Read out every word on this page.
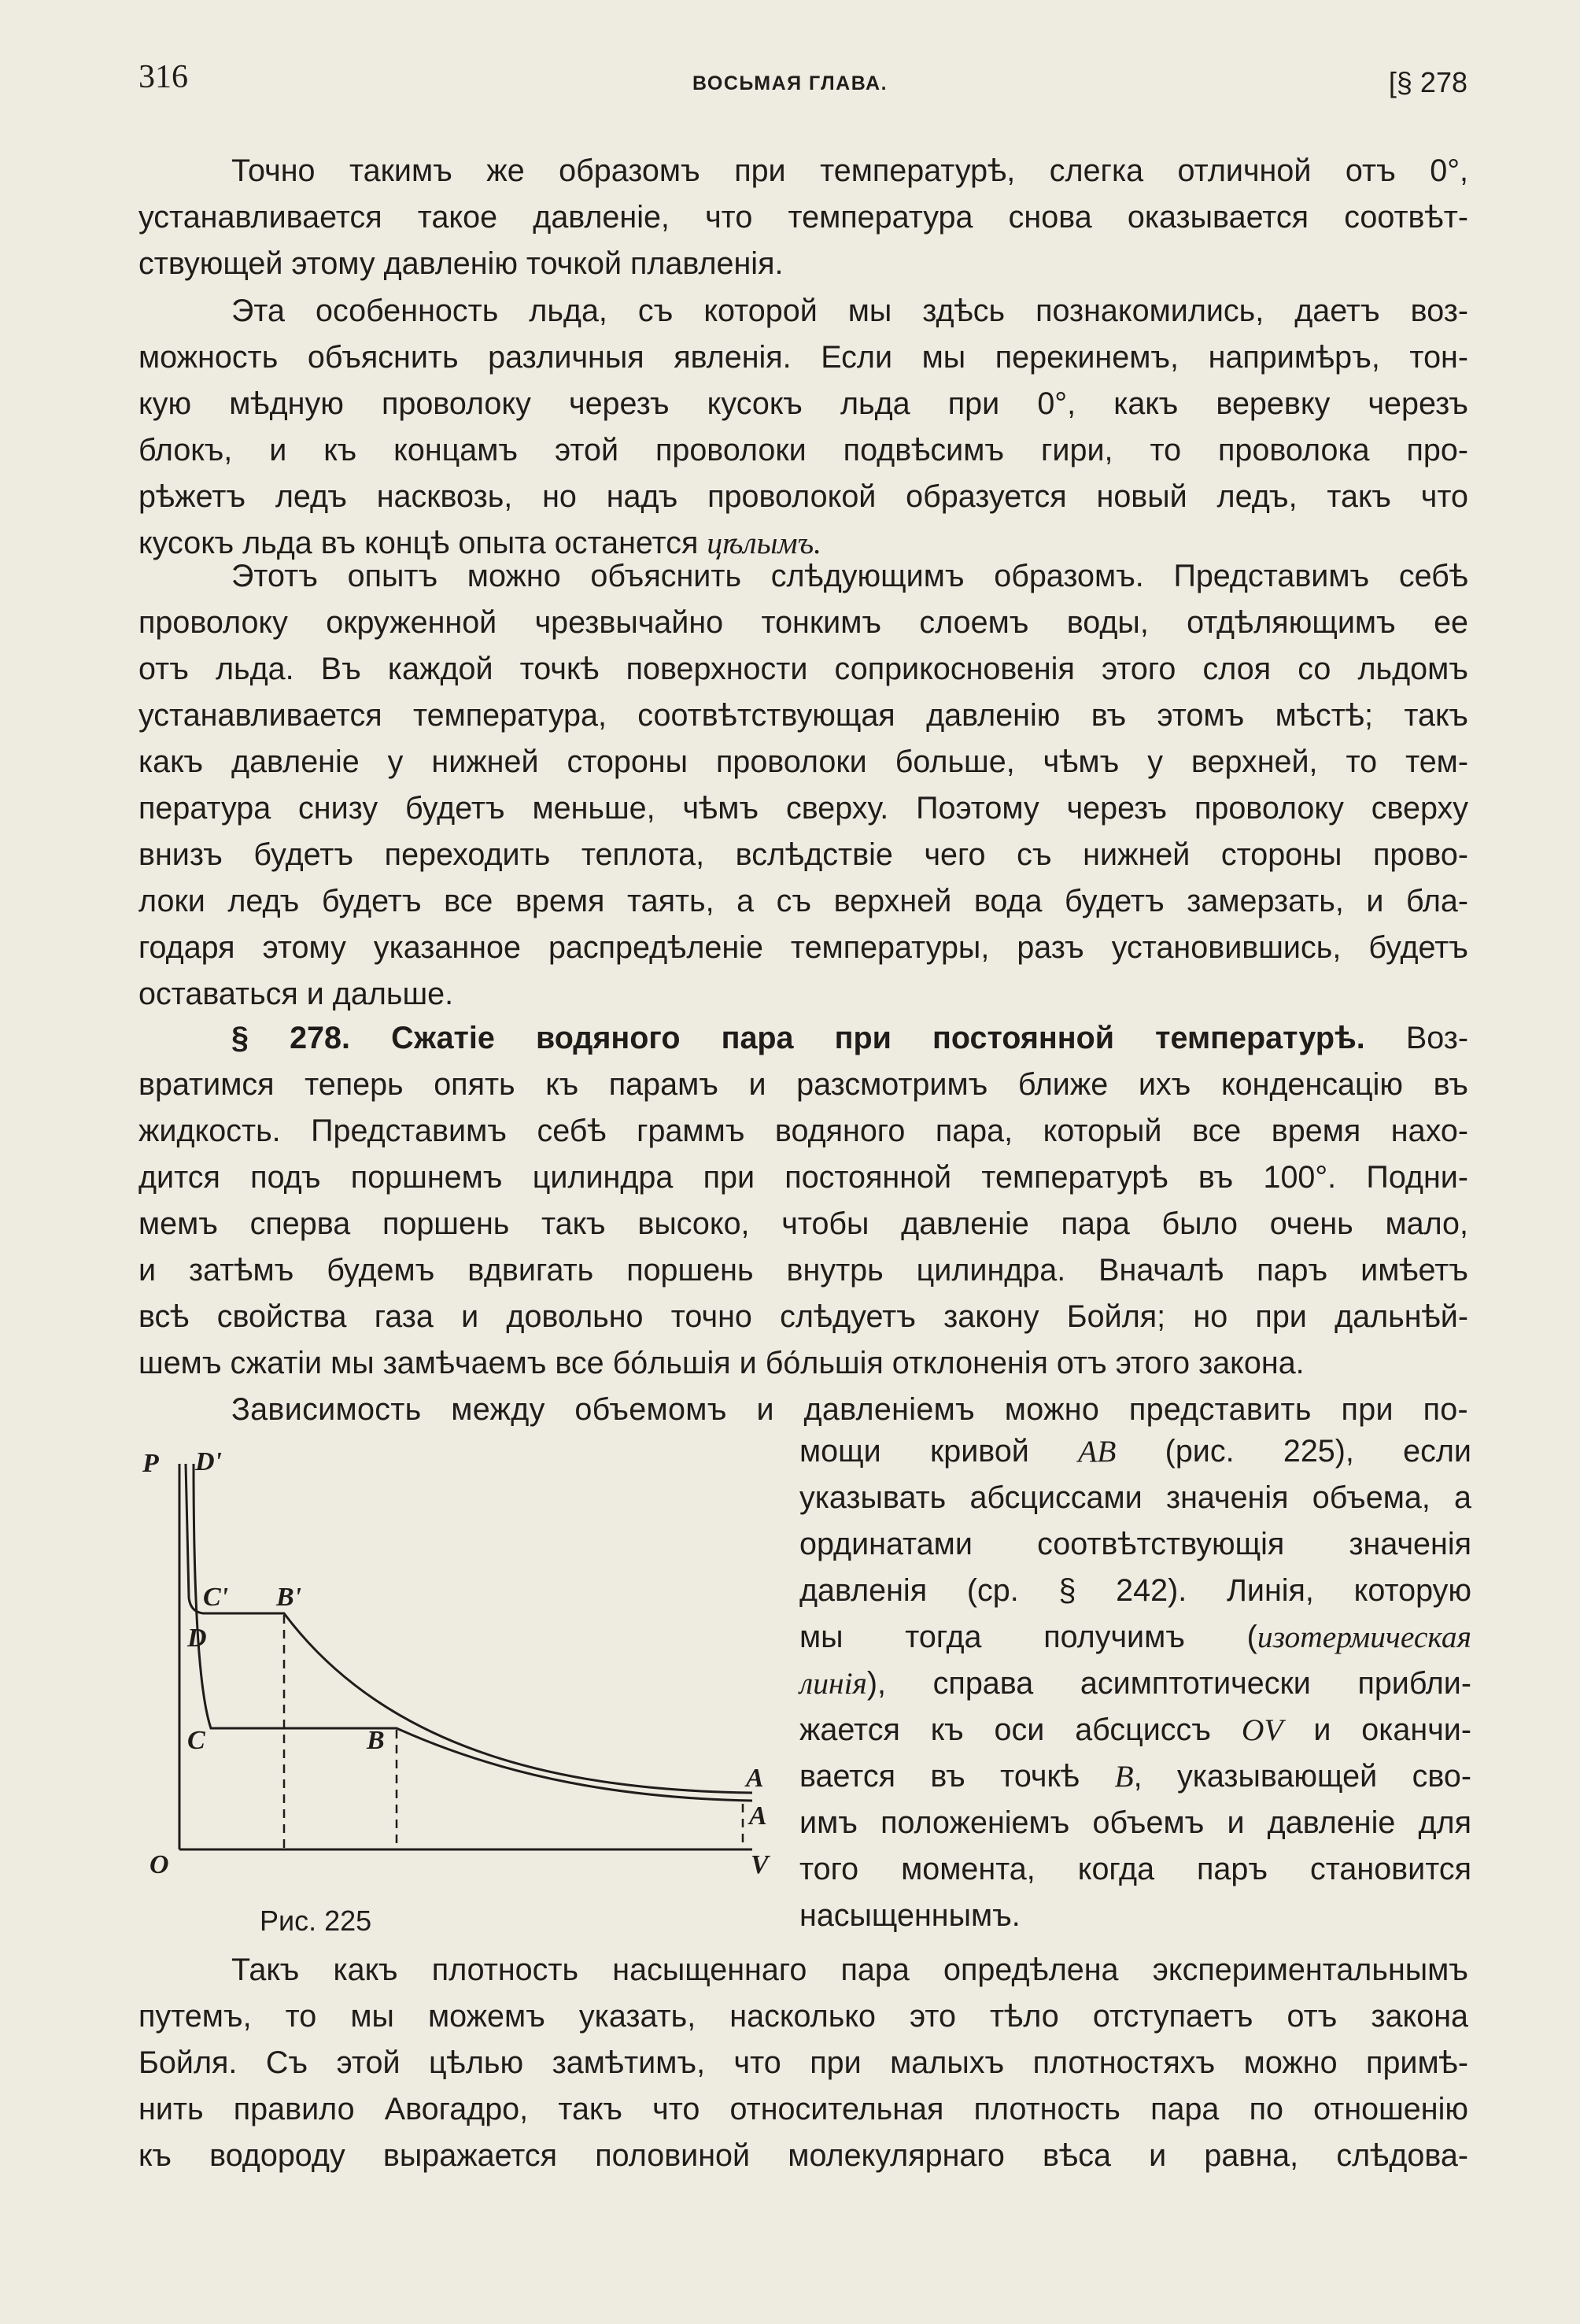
316	ВОСЬМАЯ ГЛАВА.	[§ 278

Точно такимъ же образомъ при температурѣ, слегка отличной отъ 0°,

устанавливается такое давленіе, что температура снова оказывается соотвѣт-

ствующей этому давленію точкой плавленія.

Эта особенность льда, съ которой мы здѣсь познакомились, даетъ воз-

можность объяснить различныя явленія. Если мы перекинемъ, напримѣръ, тон-

кую мѣдную проволоку черезъ кусокъ льда при 0°, какъ веревку черезъ

блокъ, и къ концамъ этой проволоки подвѣсимъ гири, то проволока про-

рѣжетъ ледъ насквозь, но надъ проволокой образуется новый ледъ, такъ что

кусокъ льда въ концѣ опыта останется цѣлымъ.

Этотъ опытъ можно объяснить слѣдующимъ образомъ. Представимъ себѣ

проволоку окруженной чрезвычайно тонкимъ слоемъ воды, отдѣляющимъ ее

отъ льда. Въ каждой точкѣ поверхности соприкосновенія этого слоя со льдомъ

устанавливается температура, соотвѣтствующая давленію въ этомъ мѣстѣ; такъ

какъ давленіе у нижней стороны проволоки больше, чѣмъ у верхней, то тем-

пература снизу будетъ меньше, чѣмъ сверху. Поэтому черезъ проволоку сверху

внизъ будетъ переходить теплота, вслѣдствіе чего съ нижней стороны прово-

локи ледъ будетъ все время таять, а съ верхней вода будетъ замерзать, и бла-

годаря этому указанное распредѣленіе температуры, разъ установившись, будетъ

оставаться и дальше.

§ 278. Сжатіе водяного пара при постоянной температурѣ. Воз-

вратимся теперь опять къ парамъ и разсмотримъ ближе ихъ конденсацію въ

жидкость. Представимъ себѣ граммъ водяного пара, который все время нахо-

дится подъ поршнемъ цилиндра при постоянной температурѣ въ 100°. Подни-

мемъ сперва поршень такъ высоко, чтобы давленіе пара было очень мало,

и затѣмъ будемъ вдвигать поршень внутрь цилиндра. Вначалѣ паръ имѣетъ

всѣ свойства газа и довольно точно слѣдуетъ закону Бойля; но при дальнѣй-

шемъ сжатіи мы замѣчаемъ все бо́льшія и бо́льшія отклоненія отъ этого закона.

Зависимость между объемомъ и давленіемъ можно представить при по-

мощи кривой AB (рис. 225), если

указывать абсциссами значенія объема, а

ординатами соотвѣтствующія значенія

давленія (ср. § 242). Линія, которую

мы тогда получимъ (изотермическая

линія), справа асимптотически прибли-

жается къ оси абсциссъ OV и оканчи-

вается въ точкѣ B, указывающей сво-

имъ положеніемъ объемъ и давленіе для

того момента, когда паръ становится

насыщеннымъ.

P D'
C' B'
D
C	B
A
A
O	V
Рис. 225

Такъ какъ плотность насыщеннаго пара опредѣлена экспериментальнымъ

путемъ, то мы можемъ указать, насколько это тѣло отступаетъ отъ закона

Бойля. Съ этой цѣлью замѣтимъ, что при малыхъ плотностяхъ можно примѣ-

нить правило Авогадро, такъ что относительная плотность пара по отношенію

къ водороду выражается половиной молекулярнаго вѣса и равна, слѣдова-
